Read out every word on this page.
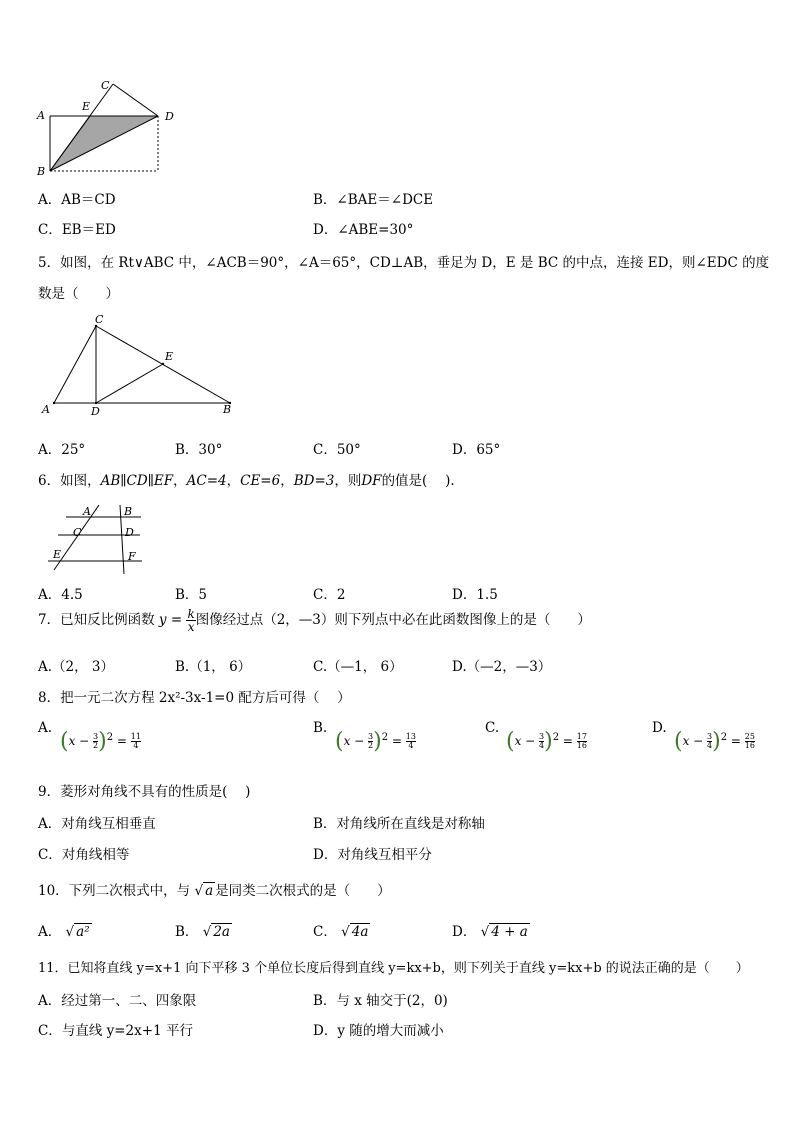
C
E
A	D
B
A．AB＝CD	B．∠BAE＝∠DCE
C．EB＝ED	D．∠ABE=30°
5．如图，在 Rt∨ABC 中，∠ACB＝90°，∠A＝65°，CD⊥AB，垂足为 D，E 是 BC 的中点，连接 ED，则∠EDC 的度
数是（　　）
C
E
A	D	B
A．25°	B．30°	C．50°	D．65°
6．如图，AB∥CD∥EF，AC=4，CE=6，BD=3，则DF的值是(　 ).
A	B
C	D
E	F
A．4.5	B．5	C．2	D．1.5
7．已知反比例函数 $y = \frac{k}{x}$ 图像经过点（2，—3）则下列点中必在此函数图像上的是（　　）
A.（2， 3）	B.（1， 6）	C.（—1， 6）	D.（—2，—3）
8．把一元二次方程 2x²-3x-1=0 配方后可得（　 ）
A.
$(x - \frac{3}{2})^2 = \frac{11}{4}$
B.
$(x - \frac{3}{2})^2 = \frac{13}{4}$
C.
$(x - \frac{3}{4})^2 = \frac{17}{16}$
D.
$(x - \frac{3}{4})^2 = \frac{25}{16}$
9．菱形对角线不具有的性质是(　 )
A．对角线互相垂直	B．对角线所在直线是对称轴
C．对角线相等	D．对角线互相平分
10．下列二次根式中，与 √ a 是同类二次根式的是（　　）
A． √ a²	B． √ 2a	C． √ 4a	D． √ 4 + a
11．已知将直线 y=x+1 向下平移 3 个单位长度后得到直线 y=kx+b，则下列关于直线 y=kx+b 的说法正确的是（　　）
A．经过第一、二、四象限	B．与 x 轴交于(2，0)
C．与直线 y=2x+1 平行	D．y 随的增大而减小
